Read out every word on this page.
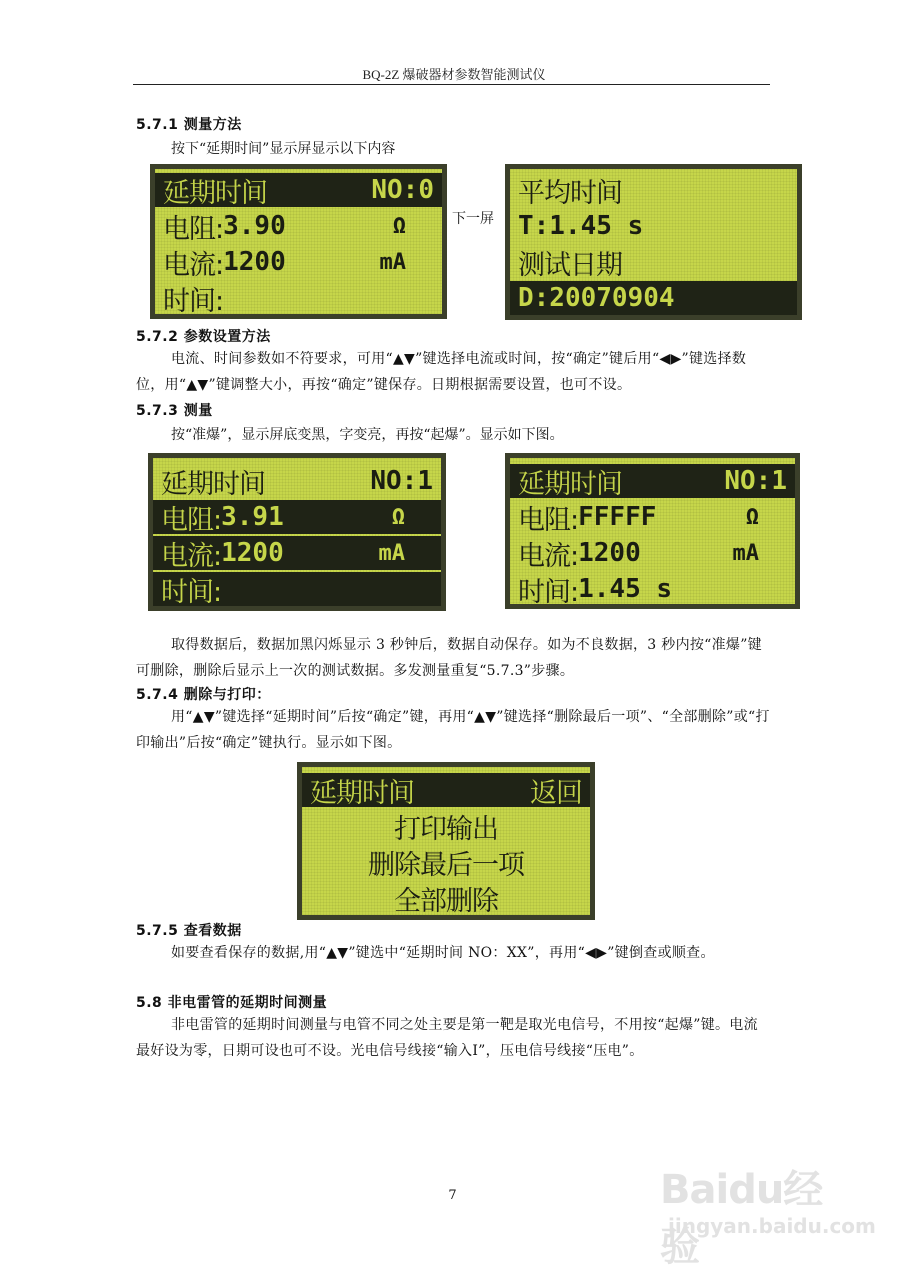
BQ-2Z 爆破器材参数智能测试仪
5.7.1 测量方法
按下“延期时间”显示屏显示以下内容
延期时间	NO:0
电阻: 3.90	Ω
电流: 1200	mA
时间:
下一屏
平均时间
T:1.45 s
测试日期
D:20070904
5.7.2 参数设置方法
电流、时间参数如不符要求，可用“▲▼”键选择电流或时间，按“确定”键后用“◀▶”键选择数位，用“▲▼”键调整大小，再按“确定”键保存。日期根据需要设置，也可不设。
5.7.3 测量
按“准爆”，显示屏底变黑，字变亮，再按“起爆”。显示如下图。
延期时间	NO:1
电阻: 3.91	Ω
电流: 1200	mA
时间:
延期时间	NO:1
电阻: FFFFF	Ω
电流: 1200	mA
时间: 1.45 s
取得数据后，数据加黑闪烁显示 3 秒钟后，数据自动保存。如为不良数据，3 秒内按“准爆”键可删除，删除后显示上一次的测试数据。多发测量重复“5.7.3”步骤。
5.7.4 删除与打印：
用“▲▼”键选择“延期时间”后按“确定”键，再用“▲▼”键选择“删除最后一项”、“全部删除”或“打印输出”后按“确定”键执行。显示如下图。
延期时间	返回
打印输出
删除最后一项
全部删除
5.7.5 查看数据
如要查看保存的数据,用“▲▼”键选中“延期时间 NO：XX”，再用“◀▶”键倒查或顺查。
5.8 非电雷管的延期时间测量
非电雷管的延期时间测量与电管不同之处主要是第一靶是取光电信号，不用按“起爆”键。电流最好设为零，日期可设也可不设。光电信号线接“输入I”，压电信号线接“压电”。
7	Baidu经验
jingyan.baidu.com
